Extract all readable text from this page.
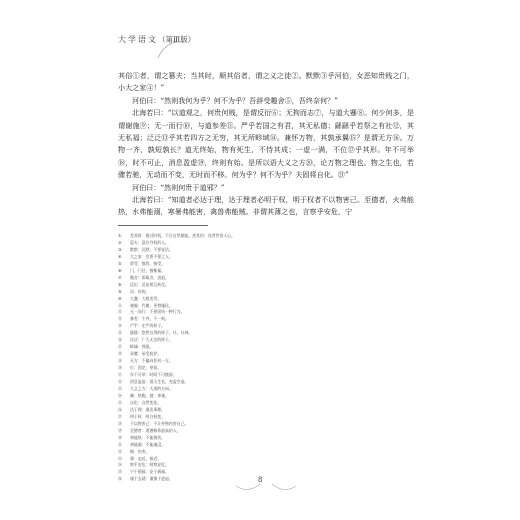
大学语文（第Ⅲ版）

其俗①者，谓之篡夫；当其时，顺其俗者，谓之义之徒②。默默③乎河伯，女恶知贵贱之门，小大之家④！”

河伯曰：“然则我何为乎？何不为乎？吾辞受趣舍⑤，吾终奈何？”

北海若曰：“以道观之，何贵何贱，是谓反衍⑥；无拘而志⑦，与道大蹇⑧。何少何多，是谓谢施⑨；无一而行⑩，与道参差⑪。严乎若国之有君，其无私德；繇繇乎若祭之有社⑫，其无私福；泛泛⑬乎其若四方之无穷，其无所畛域⑭。兼怀万物，其孰承翼⑮？是谓无方⑯。万物一齐，孰短孰长？道无终始，物有死生，不恃其成；一虚一满，不位⑰乎其形。年不可举⑱，时不可止，消息盈虚⑲，终则有始。是所以语大义之方⑳，论万物之理也。物之生也，若骤若驰，无动而不变，无时而不移。何为乎？何不为乎？夫固将自化。㉑”

河伯曰：“然则何贵于道邪？”

北海若曰：“知道者必达于理，达于理者必明于权，明于权者不以物害己。至德者，火弗能热，水弗能溺，寒暑弗能害，禽兽弗能贼。非谓其薄之也，言察乎安危，宁

① 差其时：错过时机，不合自然潮流。逆其俗：违背世俗人心。
② 篡夫：篡位夺权的人。
③ 默默：沉默，不要说话。
④ 大之家：会要不要之人。
⑤ 辞受：推辞，接受。
⑥ 门，门径，指衡量。
⑦ 趣舍：即取舍，进退。
⑧ 反衍：反复相互转化。
⑨ 而：你的。
⑩ 大蹇：大相违背。
⑪ 谢施：代谢，更替施化。
⑫ 无一而行：不要固执一种行为。
⑬ 参差：不齐，不一致。
⑭ 严乎：庄严的样子。
⑮ 繇繇：悠然自得的样子。社，社神。
⑯ 泛泛：广大无边的样子。
⑰ 畛域：界限。
⑱ 承翼：承受庇护。
⑲ 无方：不偏向任何一方。
⑳ 位：固定，停留。
㉑ 年不可举：时间不可挽留。
㉒ 消息盈虚：消灭生长，充盈空虚。
㉓ 大义之方：大道的方向。
㉔ 骤：快跑。驰：奔驰。
㉕ 自化：自然变化。
㉖ 达于理：通达事理。
㉗ 明于权：明白权变。
㉘ 不以物害己：不让外物伤害自己。
㉙ 至德者：道德修养最高的人。
㉚ 弗能热：不能烧伤。
㉛ 弗能溺：不能淹没。
㉜ 贼：伤害。
㉝ 薄：迫近，接近。
㉞ 察乎安危：明察安危。
㉟ 宁于祸福：安于祸福。
㊱ 谨于去就：谨慎于进退。	8
